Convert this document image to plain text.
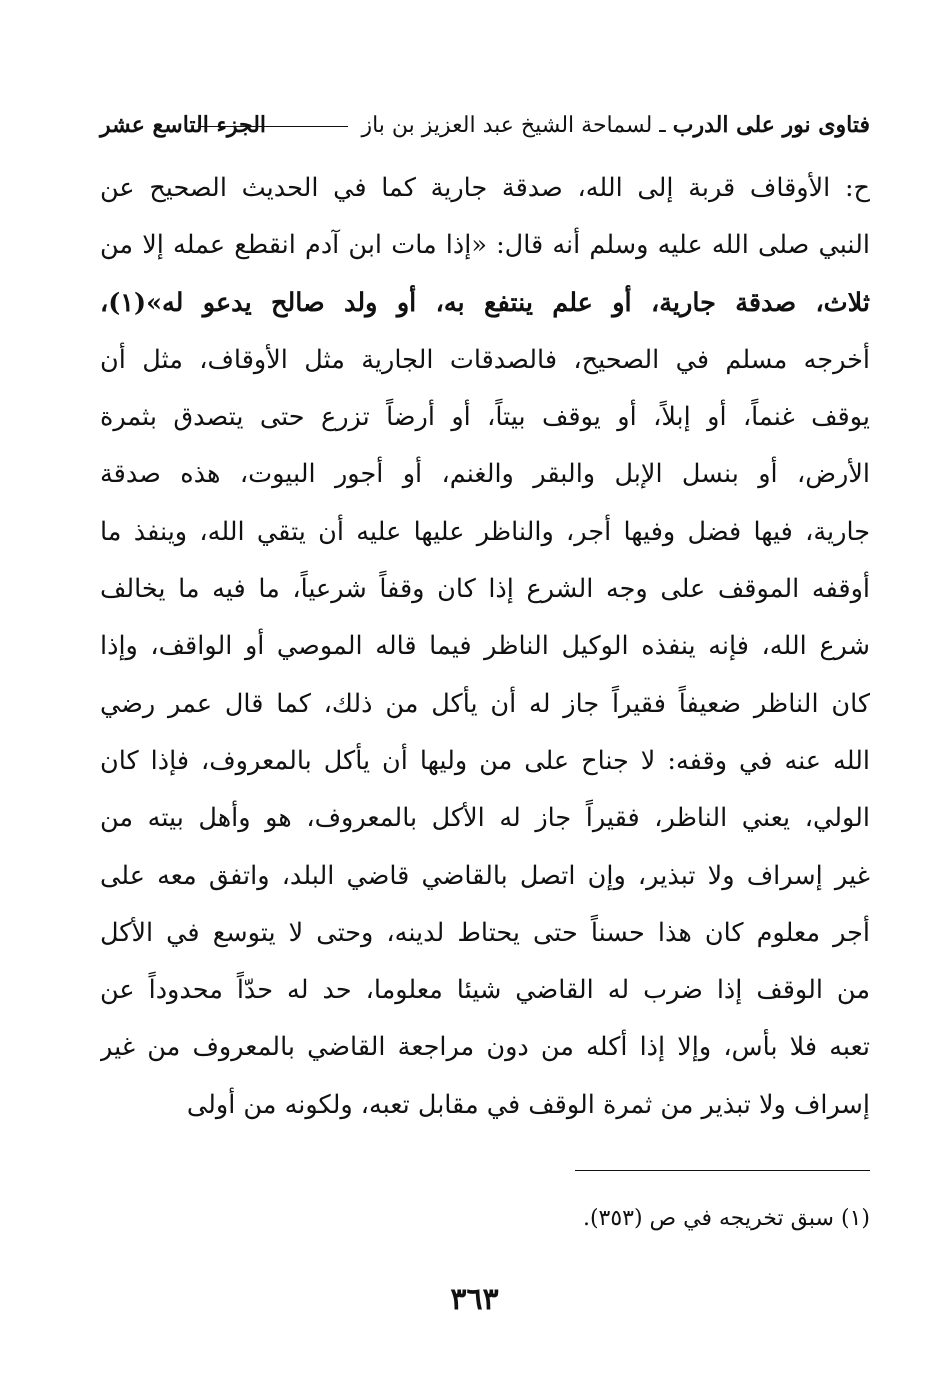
فتاوى نور على الدرب ـ لسماحة الشيخ عبد العزيز بن باز
الجزء التاسع عشر
ح: الأوقاف قربة إلى الله، صدقة جارية كما في الحديث الصحيح عن
النبي صلى الله عليه وسلم أنه قال: «إذا مات ابن آدم انقطع عمله إلا من
ثلاث، صدقة جارية، أو علم ينتفع به، أو ولد صالح يدعو له»(١)،
أخرجه مسلم في الصحيح، فالصدقات الجارية مثل الأوقاف، مثل أن
يوقف غنماً، أو إبلاً، أو يوقف بيتاً، أو أرضاً تزرع حتى يتصدق بثمرة
الأرض، أو بنسل الإبل والبقر والغنم، أو أجور البيوت، هذه صدقة
جارية، فيها فضل وفيها أجر، والناظر عليها عليه أن يتقي الله، وينفذ ما
أوقفه الموقف على وجه الشرع إذا كان وقفاً شرعياً، ما فيه ما يخالف
شرع الله، فإنه ينفذه الوكيل الناظر فيما قاله الموصي أو الواقف، وإذا
كان الناظر ضعيفاً فقيراً جاز له أن يأكل من ذلك، كما قال عمر رضي
الله عنه في وقفه: لا جناح على من وليها أن يأكل بالمعروف، فإذا كان
الولي، يعني الناظر، فقيراً جاز له الأكل بالمعروف، هو وأهل بيته من
غير إسراف ولا تبذير، وإن اتصل بالقاضي قاضي البلد، واتفق معه على
أجر معلوم كان هذا حسناً حتى يحتاط لدينه، وحتى لا يتوسع في الأكل
من الوقف إذا ضرب له القاضي شيئا معلوما، حد له حدّاً محدوداً عن
تعبه فلا بأس، وإلا إذا أكله من دون مراجعة القاضي بالمعروف من غير
إسراف ولا تبذير من ثمرة الوقف في مقابل تعبه، ولكونه من أولى
(١) سبق تخريجه في ص (٣٥٣).
٣٦٣
